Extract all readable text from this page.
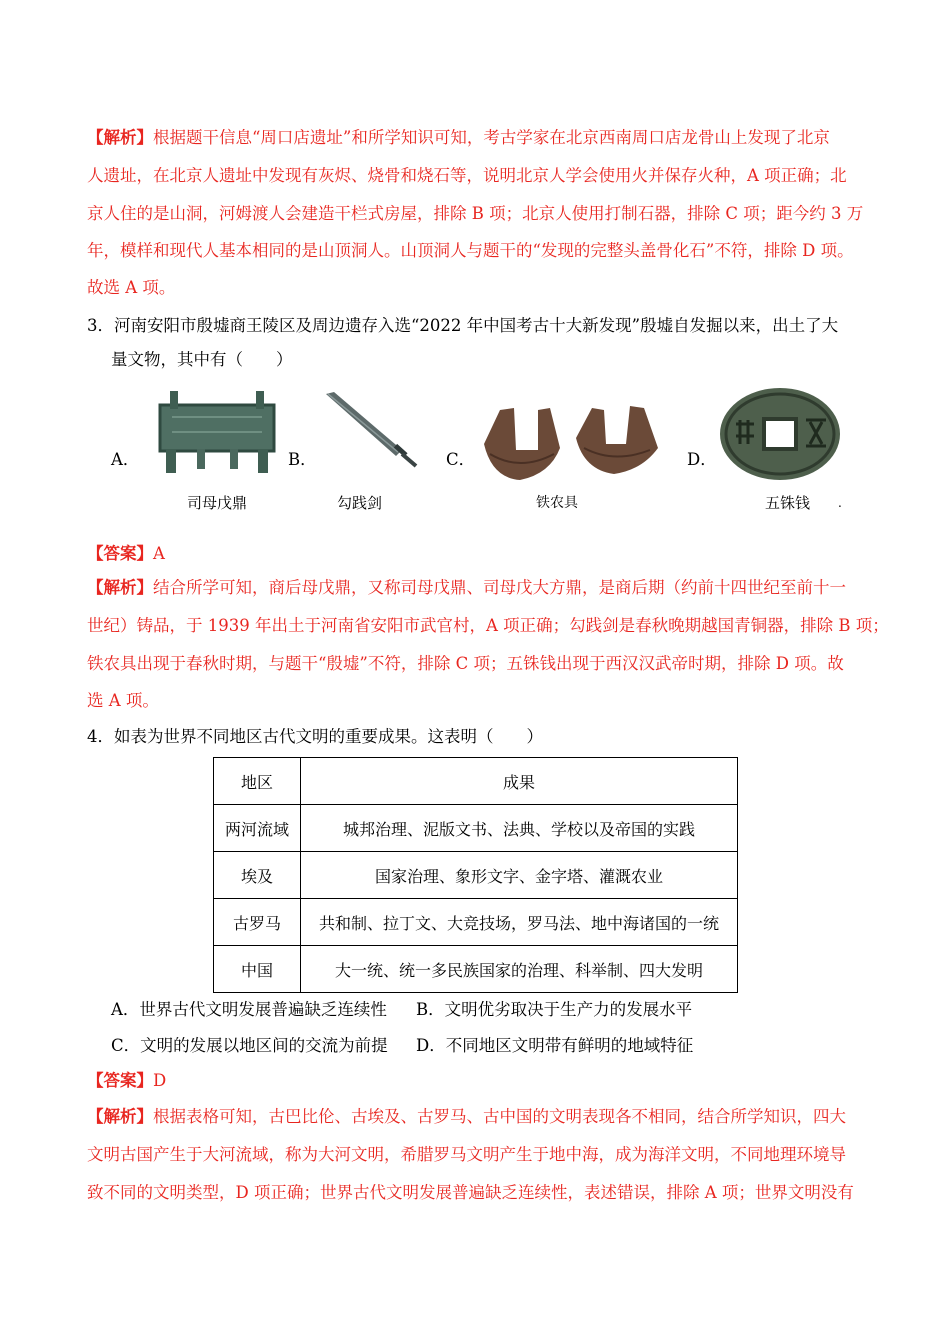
【解析】根据题干信息“周口店遗址”和所学知识可知，考古学家在北京西南周口店龙骨山上发现了北京
人遗址，在北京人遗址中发现有灰烬、烧骨和烧石等，说明北京人学会使用火并保存火种，A 项正确；北
京人住的是山洞，河姆渡人会建造干栏式房屋，排除 B 项；北京人使用打制石器，排除 C 项；距今约 3 万
年，模样和现代人基本相同的是山顶洞人。山顶洞人与题干的“发现的完整头盖骨化石”不符，排除 D 项。
故选 A 项。
3．河南安阳市殷墟商王陵区及周边遗存入选“2022 年中国考古十大新发现”殷墟自发掘以来，出土了大
量文物，其中有（　　）
A．
司母戊鼎
B．
勾践剑
C．
铁农具
D．
五铢钱 .
【答案】A
【解析】结合所学可知，商后母戊鼎，又称司母戊鼎、司母戊大方鼎，是商后期（约前十四世纪至前十一
世纪）铸品，于 1939 年出土于河南省安阳市武官村，A 项正确；勾践剑是春秋晚期越国青铜器，排除 B 项；
铁农具出现于春秋时期，与题干“殷墟”不符，排除 C 项；五铢钱出现于西汉汉武帝时期，排除 D 项。故
选 A 项。
4．如表为世界不同地区古代文明的重要成果。这表明（　　）
地区	成果
两河流域	城邦治理、泥版文书、法典、学校以及帝国的实践
埃及	国家治理、象形文字、金字塔、灌溉农业
古罗马	共和制、拉丁文、大竞技场，罗马法、地中海诸国的一统
中国	大一统、统一多民族国家的治理、科举制、四大发明
A．世界古代文明发展普遍缺乏连续性 B．文明优劣取决于生产力的发展水平
C．文明的发展以地区间的交流为前提 D．不同地区文明带有鲜明的地域特征
【答案】D
【解析】根据表格可知，古巴比伦、古埃及、古罗马、古中国的文明表现各不相同，结合所学知识，四大
文明古国产生于大河流域，称为大河文明，希腊罗马文明产生于地中海，成为海洋文明，不同地理环境导
致不同的文明类型，D 项正确；世界古代文明发展普遍缺乏连续性，表述错误，排除 A 项；世界文明没有
